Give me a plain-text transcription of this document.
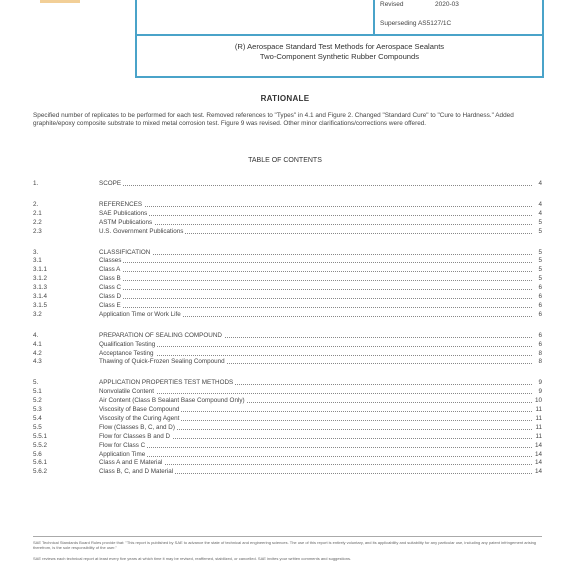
Revised	2020-03
Superseding AS5127/1C
(R) Aerospace Standard Test Methods for Aerospace Sealants
Two-Component Synthetic Rubber Compounds
RATIONALE
Specified number of replicates to be performed for each test. Removed references to "Types" in 4.1 and Figure 2. Changed "Standard Cure" to "Cure to Hardness." Added graphite/epoxy composite substrate to mixed metal corrosion test. Figure 9 was revised. Other minor clarifications/corrections were offered.
TABLE OF CONTENTS
1.	SCOPE	4
2.	REFERENCES	4
2.1	SAE Publications	4
2.2	ASTM Publications	5
2.3	U.S. Government Publications	5
3.	CLASSIFICATION	5
3.1	Classes	5
3.1.1	Class A	5
3.1.2	Class B	5
3.1.3	Class C	6
3.1.4	Class D	6
3.1.5	Class E	6
3.2	Application Time or Work Life	6
4.	PREPARATION OF SEALING COMPOUND	6
4.1	Qualification Testing	6
4.2	Acceptance Testing	8
4.3	Thawing of Quick-Frozen Sealing Compound	8
5.	APPLICATION PROPERTIES TEST METHODS	9
5.1	Nonvolatile Content	9
5.2	Air Content (Class B Sealant Base Compound Only)	10
5.3	Viscosity of Base Compound	11
5.4	Viscosity of the Curing Agent	11
5.5	Flow (Classes B, C, and D)	11
5.5.1	Flow for Classes B and D	11
5.5.2	Flow for Class C	14
5.6	Application Time	14
5.6.1	Class A and E Material	14
5.6.2	Class B, C, and D Material	14
SAE Technical Standards Board Rules provide that: "This report is published by SAE to advance the state of technical and engineering sciences. The use of this report is entirely voluntary, and its applicability and suitability for any particular use, including any patent infringement arising therefrom, is the sole responsibility of the user."
SAE reviews each technical report at least every five years at which time it may be revised, reaffirmed, stabilized, or cancelled. SAE invites your written comments and suggestions.
